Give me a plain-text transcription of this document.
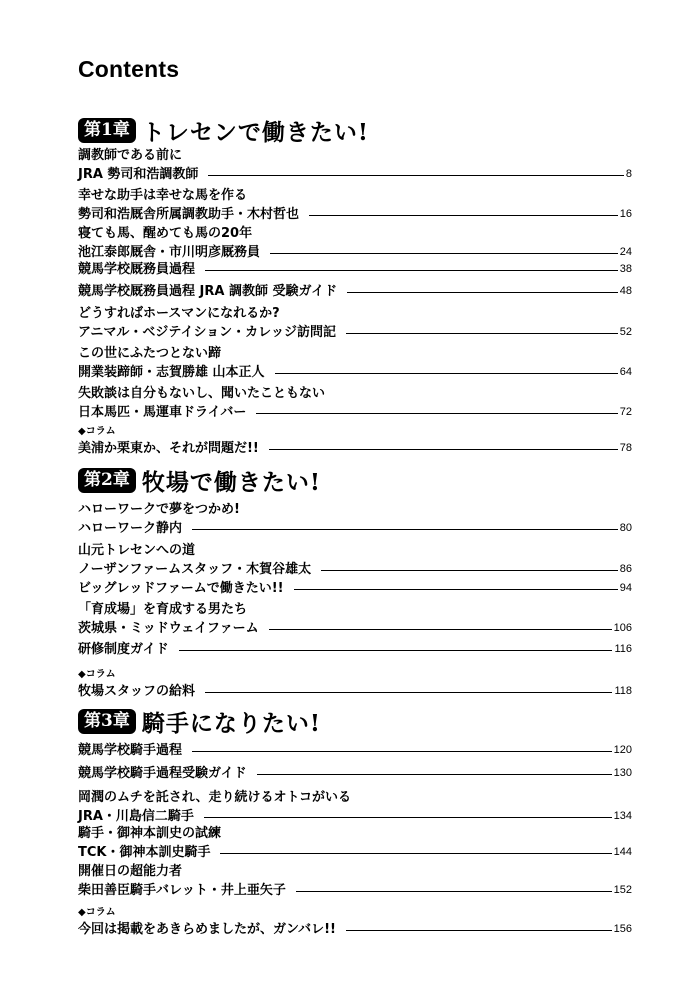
Contents
第1章 トレセンで働きたい!
調教師である前に
JRA 勢司和浩調教師	8
幸せな助手は幸せな馬を作る
勢司和浩厩舎所属調教助手・木村哲也	16
寝ても馬、醒めても馬の20年
池江泰郎厩舎・市川明彦厩務員	24
競馬学校厩務員過程	38
競馬学校厩務員過程 JRA 調教師 受験ガイド	48
どうすればホースマンになれるか?
アニマル・ベジテイション・カレッジ訪問記	52
この世にふたつとない蹄
開業装蹄師・志賀勝雄 山本正人	64
失敗談は自分もないし、聞いたこともない
日本馬匹・馬運車ドライバー	72
◆コラム
美浦か栗東か、それが問題だ!!	78
第2章 牧場で働きたい!
ハローワークで夢をつかめ!
ハローワーク静内	80
山元トレセンへの道
ノーザンファームスタッフ・木賀谷雄太	86
ビッグレッドファームで働きたい!!	94
「育成場」を育成する男たち
茨城県・ミッドウェイファーム	106
研修制度ガイド	116
◆コラム
牧場スタッフの給料	118
第3章 騎手になりたい!
競馬学校騎手過程	120
競馬学校騎手過程受験ガイド	130
岡潤のムチを託され、走り続けるオトコがいる
JRA・川島信二騎手	134
騎手・御神本訓史の試練
TCK・御神本訓史騎手	144
開催日の超能力者
柴田善臣騎手バレット・井上亜矢子	152
◆コラム
今回は掲載をあきらめましたが、ガンバレ!!	156
